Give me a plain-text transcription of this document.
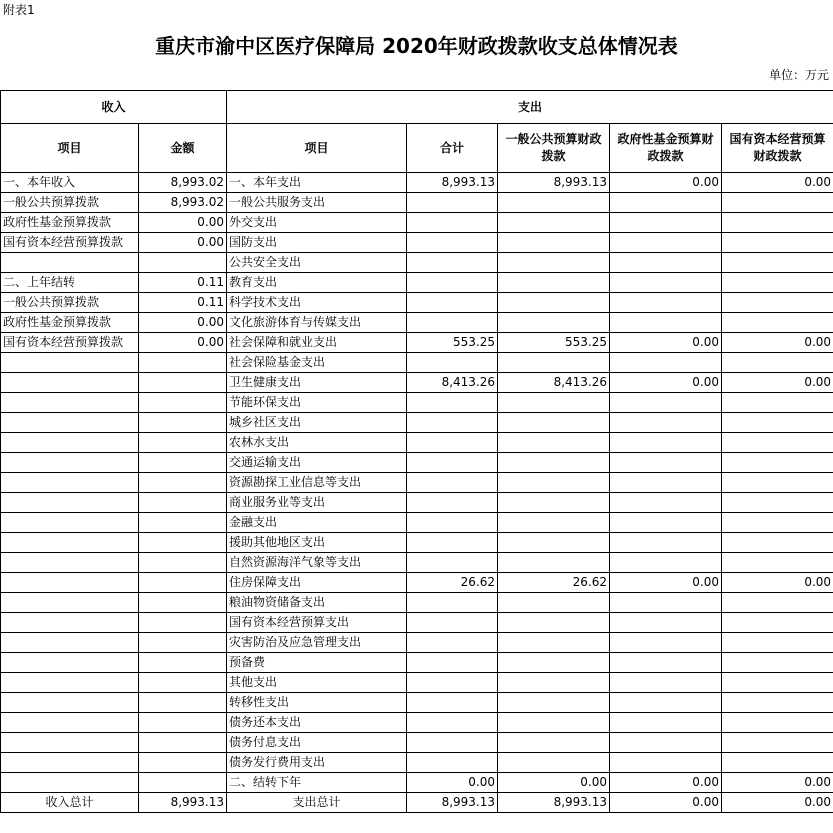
附表1
重庆市渝中区医疗保障局 2020年财政拨款收支总体情况表
单位：万元
收入		支出				
项目	金额	项目	合计	一般公共预算财政拨款	政府性基金预算财政拨款	国有资本经营预算财政拨款
一、本年收入	8,993.02	一、本年支出	8,993.13	8,993.13	0.00	0.00
一般公共预算拨款	8,993.02	一般公共服务支出				
政府性基金预算拨款	0.00	外交支出				
国有资本经营预算拨款	0.00	国防支出				
		公共安全支出				
二、上年结转	0.11	教育支出				
一般公共预算拨款	0.11	科学技术支出				
政府性基金预算拨款	0.00	文化旅游体育与传媒支出				
国有资本经营预算拨款	0.00	社会保障和就业支出	553.25	553.25	0.00	0.00
		社会保险基金支出				
		卫生健康支出	8,413.26	8,413.26	0.00	0.00
		节能环保支出				
		城乡社区支出				
		农林水支出				
		交通运输支出				
		资源勘探工业信息等支出				
		商业服务业等支出				
		金融支出				
		援助其他地区支出				
		自然资源海洋气象等支出				
		住房保障支出	26.62	26.62	0.00	0.00
		粮油物资储备支出				
		国有资本经营预算支出				
		灾害防治及应急管理支出				
		预备费				
		其他支出				
		转移性支出				
		债务还本支出				
		债务付息支出				
		债务发行费用支出				
		二、结转下年	0.00	0.00	0.00	0.00
收入总计	8,993.13	支出总计	8,993.13	8,993.13	0.00	0.00
